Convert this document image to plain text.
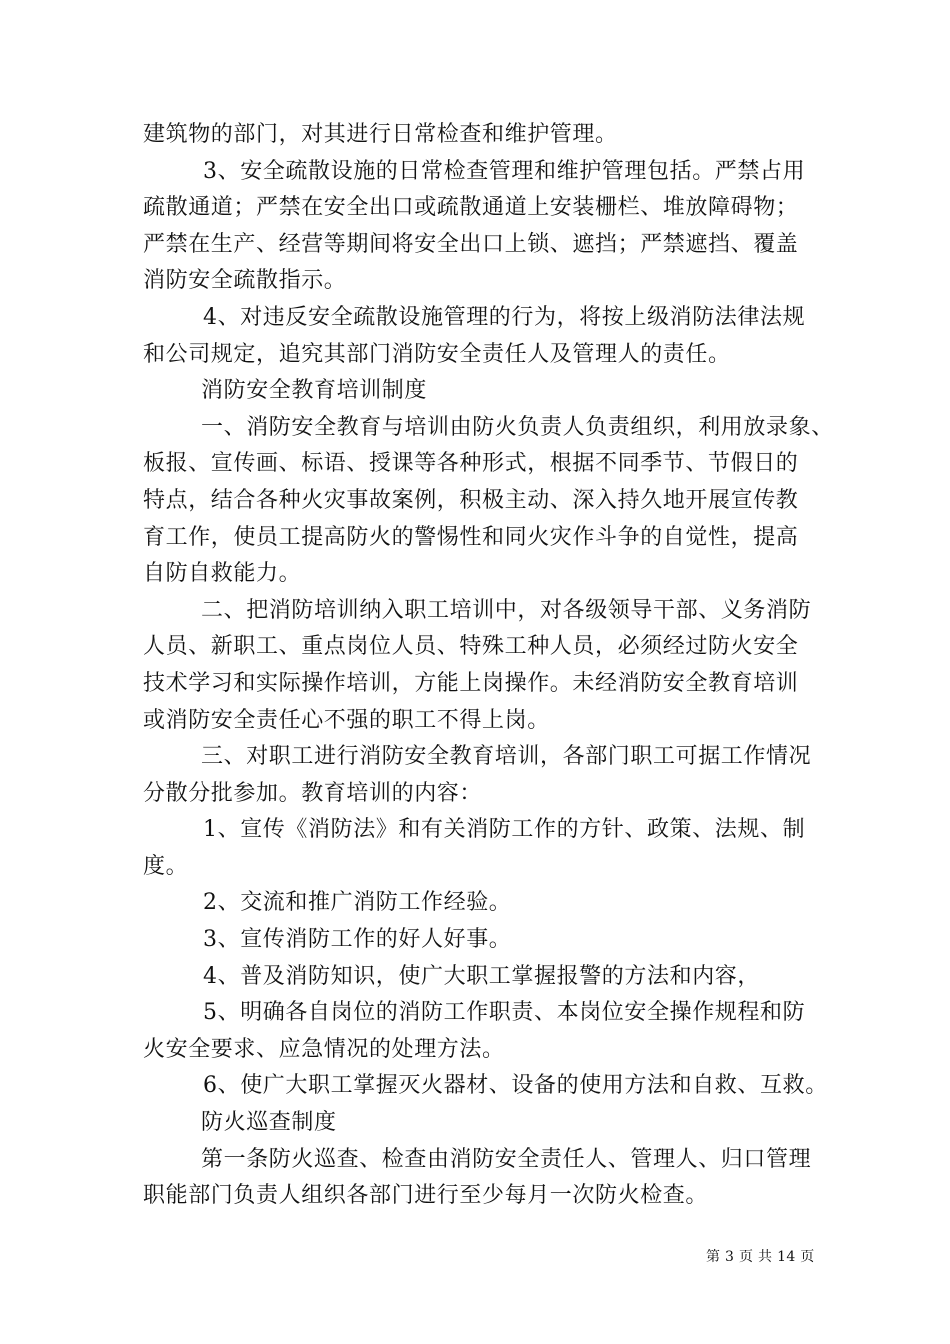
建筑物的部门，对其进行日常检查和维护管理。
3、安全疏散设施的日常检查管理和维护管理包括。严禁占用
疏散通道；严禁在安全出口或疏散通道上安装栅栏、堆放障碍物；
严禁在生产、经营等期间将安全出口上锁、遮挡；严禁遮挡、覆盖
消防安全疏散指示。
4、对违反安全疏散设施管理的行为，将按上级消防法律法规
和公司规定，追究其部门消防安全责任人及管理人的责任。
消防安全教育培训制度
一、消防安全教育与培训由防火负责人负责组织，利用放录象、
板报、宣传画、标语、授课等各种形式，根据不同季节、节假日的
特点，结合各种火灾事故案例，积极主动、深入持久地开展宣传教
育工作，使员工提高防火的警惕性和同火灾作斗争的自觉性，提高
自防自救能力。
二、把消防培训纳入职工培训中，对各级领导干部、义务消防
人员、新职工、重点岗位人员、特殊工种人员，必须经过防火安全
技术学习和实际操作培训，方能上岗操作。未经消防安全教育培训
或消防安全责任心不强的职工不得上岗。
三、对职工进行消防安全教育培训，各部门职工可据工作情况
分散分批参加。教育培训的内容：
1、宣传《消防法》和有关消防工作的方针、政策、法规、制
度。
2、交流和推广消防工作经验。
3、宣传消防工作的好人好事。
4、普及消防知识，使广大职工掌握报警的方法和内容，
5、明确各自岗位的消防工作职责、本岗位安全操作规程和防
火安全要求、应急情况的处理方法。
6、使广大职工掌握灭火器材、设备的使用方法和自救、互救。
防火巡查制度
第一条防火巡查、检查由消防安全责任人、管理人、归口管理
职能部门负责人组织各部门进行至少每月一次防火检查。
第 3 页 共 14 页
